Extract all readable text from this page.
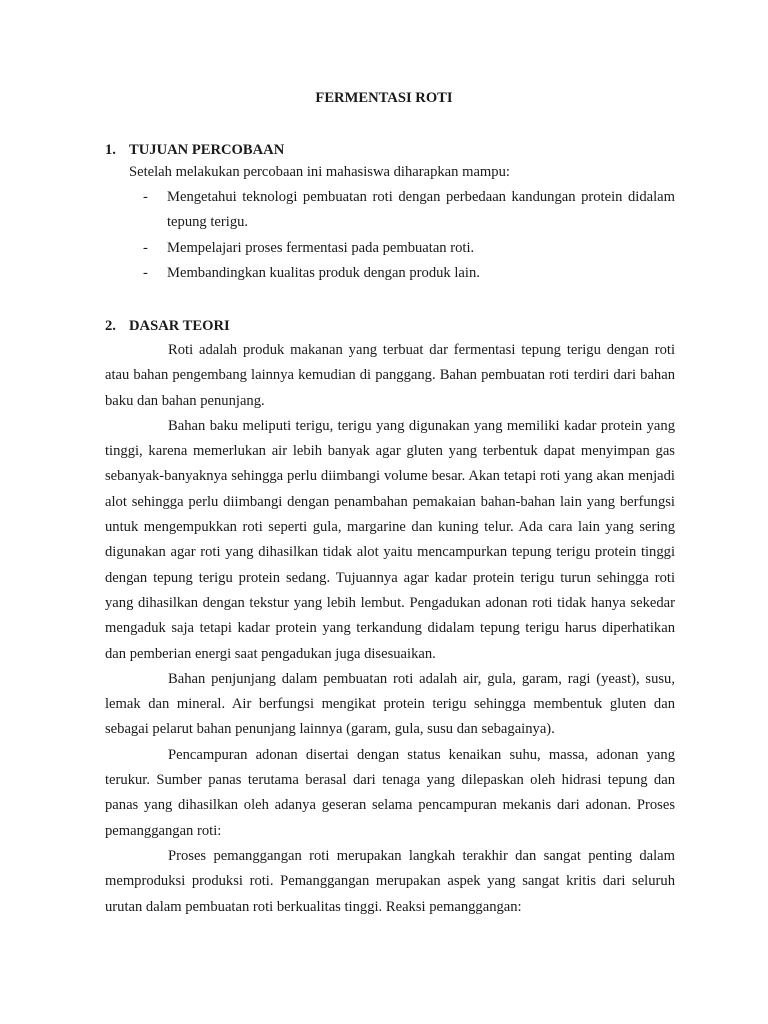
FERMENTASI ROTI
1. TUJUAN PERCOBAAN

Setelah melakukan percobaan ini mahasiswa diharapkan mampu:

- Mengetahui teknologi pembuatan roti dengan perbedaan kandungan protein didalam tepung terigu.
- Mempelajari proses fermentasi pada pembuatan roti.
- Membandingkan kualitas produk dengan produk lain.
2. DASAR TEORI

Roti adalah produk makanan yang terbuat dar fermentasi tepung terigu dengan roti atau bahan pengembang lainnya kemudian di panggang. Bahan pembuatan roti terdiri dari bahan baku dan bahan penunjang.

Bahan baku meliputi terigu, terigu yang digunakan yang memiliki kadar protein yang tinggi, karena memerlukan air lebih banyak agar gluten yang terbentuk dapat menyimpan gas sebanyak-banyaknya sehingga perlu diimbangi volume besar. Akan tetapi roti yang akan menjadi alot sehingga perlu diimbangi dengan penambahan pemakaian bahan-bahan lain yang berfungsi untuk mengempukkan roti seperti gula, margarine dan kuning telur. Ada cara lain yang sering digunakan agar roti yang dihasilkan tidak alot yaitu mencampurkan tepung terigu protein tinggi dengan tepung terigu protein sedang. Tujuannya agar kadar protein terigu turun sehingga roti yang dihasilkan dengan tekstur yang lebih lembut. Pengadukan adonan roti tidak hanya sekedar mengaduk saja tetapi kadar protein yang terkandung didalam tepung terigu harus diperhatikan dan pemberian energi saat pengadukan juga disesuaikan.

Bahan penjunjang dalam pembuatan roti adalah air, gula, garam, ragi (yeast), susu, lemak dan mineral. Air berfungsi mengikat protein terigu sehingga membentuk gluten dan sebagai pelarut bahan penunjang lainnya (garam, gula, susu dan sebagainya).

Pencampuran adonan disertai dengan status kenaikan suhu, massa, adonan yang terukur. Sumber panas terutama berasal dari tenaga yang dilepaskan oleh hidrasi tepung dan panas yang dihasilkan oleh adanya geseran selama pencampuran mekanis dari adonan. Proses pemanggangan roti:

Proses pemanggangan roti merupakan langkah terakhir dan sangat penting dalam memproduksi produksi roti. Pemanggangan merupakan aspek yang sangat kritis dari seluruh urutan dalam pembuatan roti berkualitas tinggi. Reaksi pemanggangan:
